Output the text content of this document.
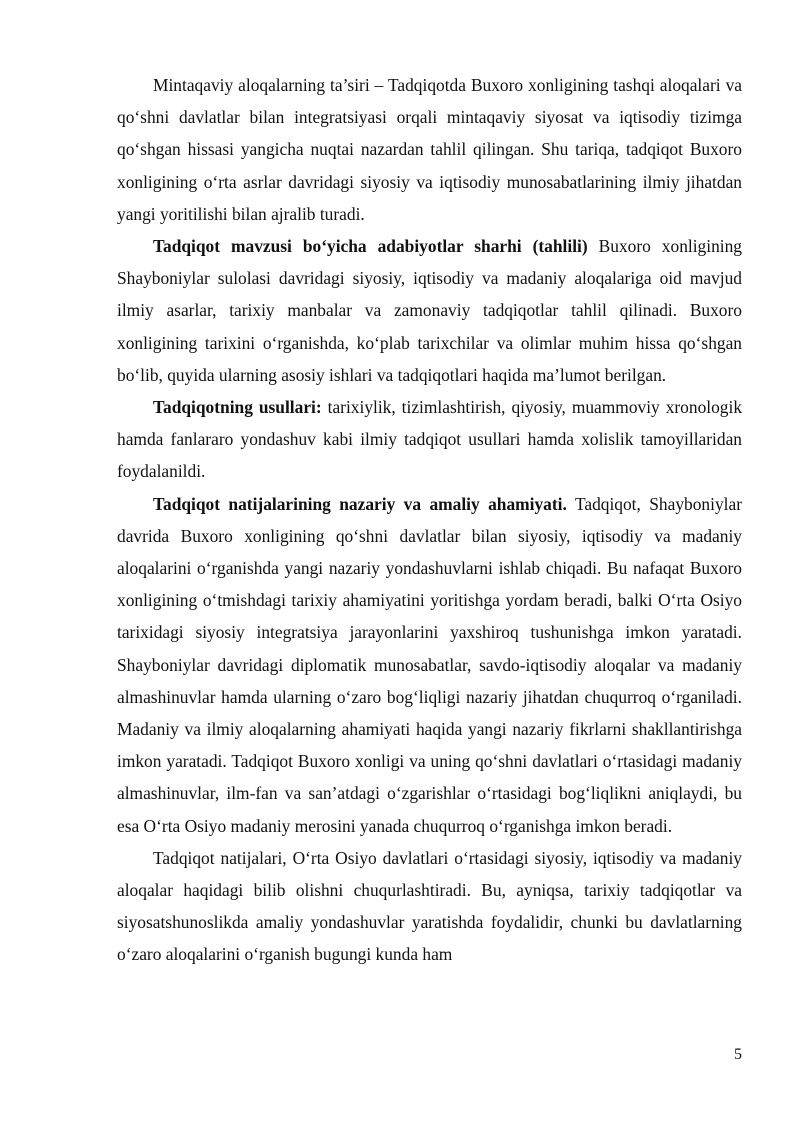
Mintaqaviy aloqalarning ta’siri – Tadqiqotda Buxoro xonligining tashqi aloqalari va qo‘shni davlatlar bilan integratsiyasi orqali mintaqaviy siyosat va iqtisodiy tizimga qo‘shgan hissasi yangicha nuqtai nazardan tahlil qilingan. Shu tariqa, tadqiqot Buxoro xonligining o‘rta asrlar davridagi siyosiy va iqtisodiy munosabatlarining ilmiy jihatdan yangi yoritilishi bilan ajralib turadi.

Tadqiqot mavzusi bo‘yicha adabiyotlar sharhi (tahlili) Buxoro xonligining Shayboniylar sulolasi davridagi siyosiy, iqtisodiy va madaniy aloqalariga oid mavjud ilmiy asarlar, tarixiy manbalar va zamonaviy tadqiqotlar tahlil qilinadi. Buxoro xonligining tarixini o‘rganishda, ko‘plab tarixchilar va olimlar muhim hissa qo‘shgan bo‘lib, quyida ularning asosiy ishlari va tadqiqotlari haqida ma’lumot berilgan.

Tadqiqotning usullari: tarixiylik, tizimlashtirish, qiyosiy, muammoviy xronologik hamda fanlararo yondashuv kabi ilmiy tadqiqot usullari hamda xolislik tamoyillaridan foydalanildi.

Tadqiqot natijalarining nazariy va amaliy ahamiyati. Tadqiqot, Shayboniylar davrida Buxoro xonligining qo‘shni davlatlar bilan siyosiy, iqtisodiy va madaniy aloqalarini o‘rganishda yangi nazariy yondashuvlarni ishlab chiqadi. Bu nafaqat Buxoro xonligining o‘tmishdagi tarixiy ahamiyatini yoritishga yordam beradi, balki O‘rta Osiyo tarixidagi siyosiy integratsiya jarayonlarini yaxshiroq tushunishga imkon yaratadi. Shayboniylar davridagi diplomatik munosabatlar, savdo-iqtisodiy aloqalar va madaniy almashinuvlar hamda ularning o‘zaro bog‘liqligi nazariy jihatdan chuqurroq o‘rganiladi. Madaniy va ilmiy aloqalarning ahamiyati haqida yangi nazariy fikrlarni shakllantirishga imkon yaratadi. Tadqiqot Buxoro xonligi va uning qo‘shni davlatlari o‘rtasidagi madaniy almashinuvlar, ilm-fan va san’atdagi o‘zgarishlar o‘rtasidagi bog‘liqlikni aniqlaydi, bu esa O‘rta Osiyo madaniy merosini yanada chuqurroq o‘rganishga imkon beradi.

Tadqiqot natijalari, O‘rta Osiyo davlatlari o‘rtasidagi siyosiy, iqtisodiy va madaniy aloqalar haqidagi bilib olishni chuqurlashtiradi. Bu, ayniqsa, tarixiy tadqiqotlar va siyosatshunoslikda amaliy yondashuvlar yaratishda foydalidir, chunki bu davlatlarning o‘zaro aloqalarini o‘rganish bugungi kunda ham

5
